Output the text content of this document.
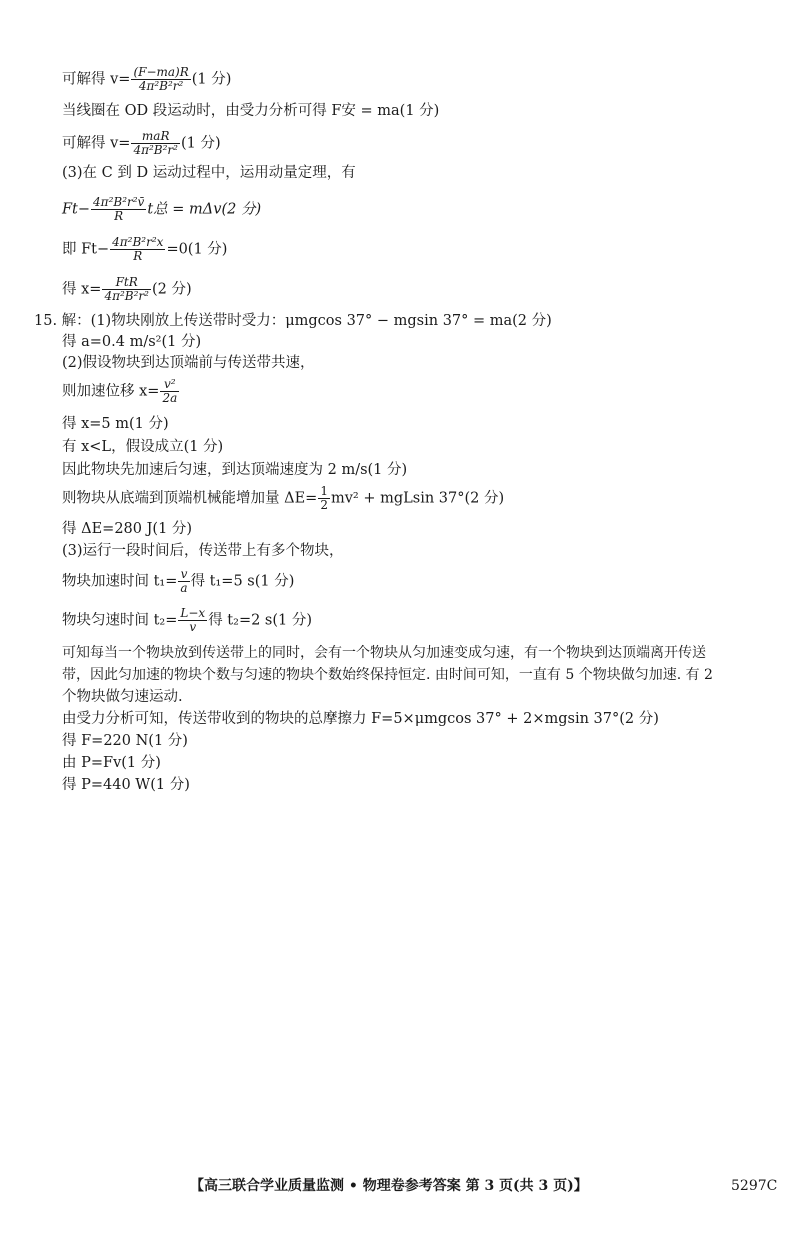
可解得 $v= \frac{(F-ma)R}{\text{4π²B²r²}} (1$ 分)
当线圈在 OD 段运动时，由受力分析可得 F安 = ma(1 分)
可解得 $v= \frac{\text{maR}}{\text{4π²B²r²}} (1$ 分)
(3)在 C 到 D 运动过程中，运用动量定理，有
$Ft- \frac{\text{4π²B²r²v̄}}{R}$ t总 = mΔv(2 分)
即 $Ft- \frac{\text{4π²B²r²x}}{R} =0(1$ 分)
得 $x= \frac{\text{FtR}}{\text{4π²B²r²}} (2$ 分)
15. 解：(1)物块刚放上传送带时受力：μmgcos 37° − mgsin 37° = ma(2 分)
得 a=0.4 m/s²(1 分)
(2)假设物块到达顶端前与传送带共速，
则加速位移 $x= \frac{\text{v²}}{2a}$
得 x=5 m(1 分)
有 x<L，假设成立(1 分)
因此物块先加速后匀速，到达顶端速度为 2 m/s(1 分)
则物块从底端到顶端机械能增加量 $\Delta E= \frac{1}{2} mv^2 + mgLsin$ 37°(2 分)
得 ΔE=280 J(1 分)
(3)运行一段时间后，传送带上有多个物块，
物块加速时间 $t_1= \frac{v}{a}$ 得 t₁=5 s(1 分)
物块匀速时间 $t_2= \frac{L-x}{v}$ 得 t₂=2 s(1 分)
可知每当一个物块放到传送带上的同时，会有一个物块从匀加速变成匀速，有一个物块到达顶端离开传送
带，因此匀加速的物块个数与匀速的物块个数始终保持恒定. 由时间可知，一直有 5 个物块做匀加速. 有 2
个物块做匀速运动.
由受力分析可知，传送带收到的物块的总摩擦力 F=5×μmgcos 37° + 2×mgsin 37°(2 分)
得 F=220 N(1 分)
由 P=Fv(1 分)
得 P=440 W(1 分)
【高三联合学业质量监测 • 物理卷参考答案 第 3 页(共 3 页)】	5297C
